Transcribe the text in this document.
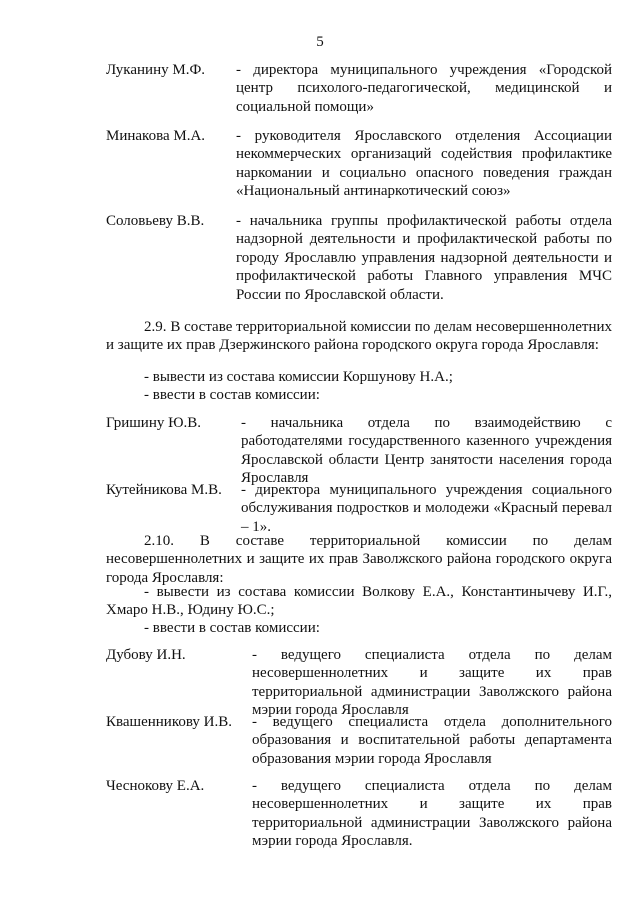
5
Луканину М.Ф. - директора муниципального учреждения «Городской центр психолого-педагогической, медицинской и социальной помощи»
Минакова М.А. - руководителя Ярославского отделения Ассоциации некоммерческих организаций содействия профилактике наркомании и социально опасного поведения граждан «Национальный антинаркотический союз»
Соловьеву В.В. - начальника группы профилактической работы отдела надзорной деятельности и профилактической работы по городу Ярославлю управления надзорной деятельности и профилактической работы Главного управления МЧС России по Ярославской области.

2.9. В составе территориальной комиссии по делам несовершеннолетних и защите их прав Дзержинского района городского округа города Ярославля:

- вывести из состава комиссии Коршунову Н.А.;
- ввести в состав комиссии:
Гришину Ю.В.	- начальника отдела по взаимодействию с работодателями государственного казенного учреждения Ярославской области Центр занятости населения города Ярославля
Кутейникова М.В. - директора муниципального учреждения социального обслуживания подростков и молодежи «Красный перевал – 1».

2.10. В составе территориальной комиссии по делам несовершеннолетних и защите их прав Заволжского района городского округа города Ярославля:

- вывести из состава комиссии Волкову Е.А., Константинычеву И.Г., Хмаро Н.В., Юдину Ю.С.;
- ввести в состав комиссии:
Дубову И.Н.	- ведущего специалиста отдела по делам несовершеннолетних и защите их прав территориальной администрации Заволжского района мэрии города Ярославля
Квашенникову И.В. - ведущего специалиста отдела дополнительного образования и воспитательной работы департамента образования мэрии города Ярославля
Чеснокову Е.А.	- ведущего специалиста отдела по делам несовершеннолетних и защите их прав территориальной администрации Заволжского района мэрии города Ярославля.
